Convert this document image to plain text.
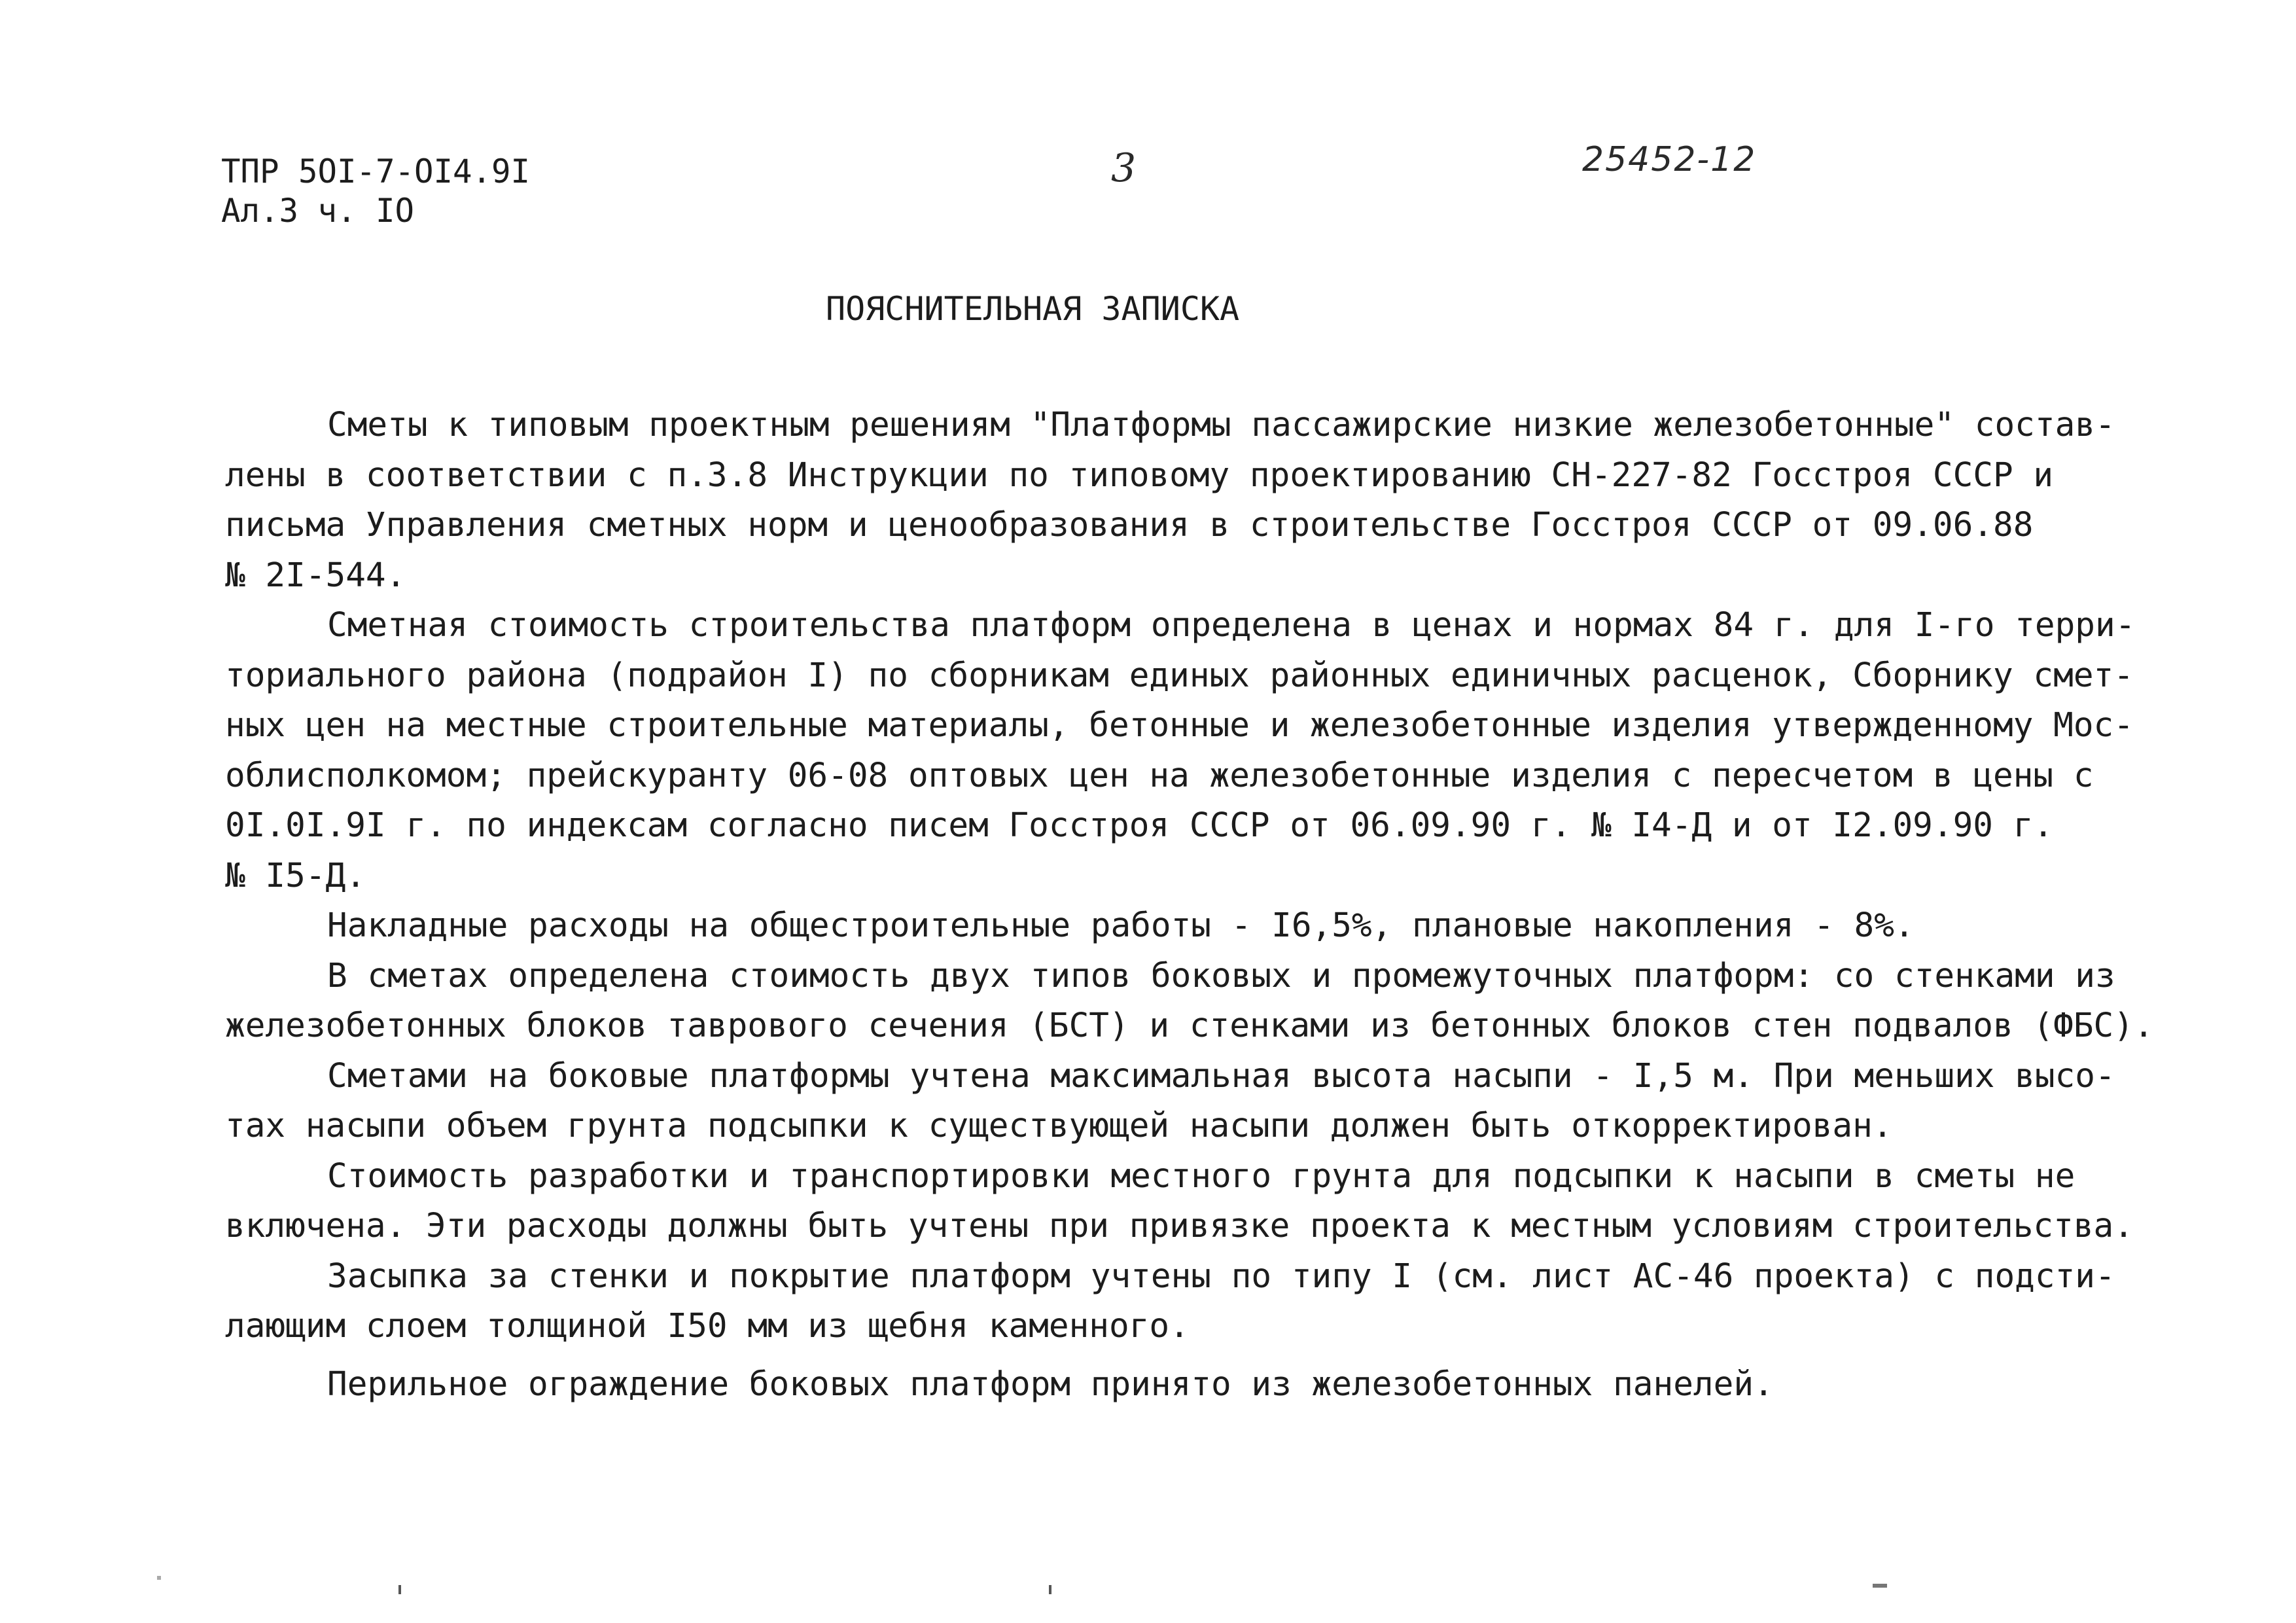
ТПР 5ОI-7-ОI4.9I
Ал.3 ч. IO
3	25452-12
ПОЯСНИТЕЛЬНАЯ ЗАПИСКА
Сметы к типовым проектным решениям "Платформы пассажирские низкие железобетонные" состав-
лены в соответствии с п.3.8 Инструкции по типовому проектированию СН-227-82 Госстроя СССР и
письма Управления сметных норм и ценообразования в строительстве Госстроя СССР от 09.06.88
№ 2I-544.
Сметная стоимость строительства платформ определена в ценах и нормах 84 г. для I-го терри-
ториального района (подрайон I) по сборникам единых районных единичных расценок, Сборнику смет-
ных цен на местные строительные материалы, бетонные и железобетонные изделия утвержденному Мос-
облисполкомом; прейскуранту 06-08 оптовых цен на железобетонные изделия с пересчетом в цены с
0I.0I.9I г. по индексам согласно писем Госстроя СССР от 06.09.90 г. № I4-Д и от I2.09.90 г.
№ I5-Д.
Накладные расходы на общестроительные работы - I6,5%, плановые накопления - 8%.
В сметах определена стоимость двух типов боковых и промежуточных платформ: со стенками из
железобетонных блоков таврового сечения (БСТ) и стенками из бетонных блоков стен подвалов (ФБС).
Сметами на боковые платформы учтена максимальная высота насыпи - I,5 м. При меньших высо-
тах насыпи объем грунта подсыпки к существующей насыпи должен быть откорректирован.
Стоимость разработки и транспортировки местного грунта для подсыпки к насыпи в сметы не
включена. Эти расходы должны быть учтены при привязке проекта к местным условиям строительства.
Засыпка за стенки и покрытие платформ учтены по типу I (см. лист АС-46 проекта) с подсти-
лающим слоем толщиной I50 мм из щебня каменного.
Перильное ограждение боковых платформ принято из железобетонных панелей.
